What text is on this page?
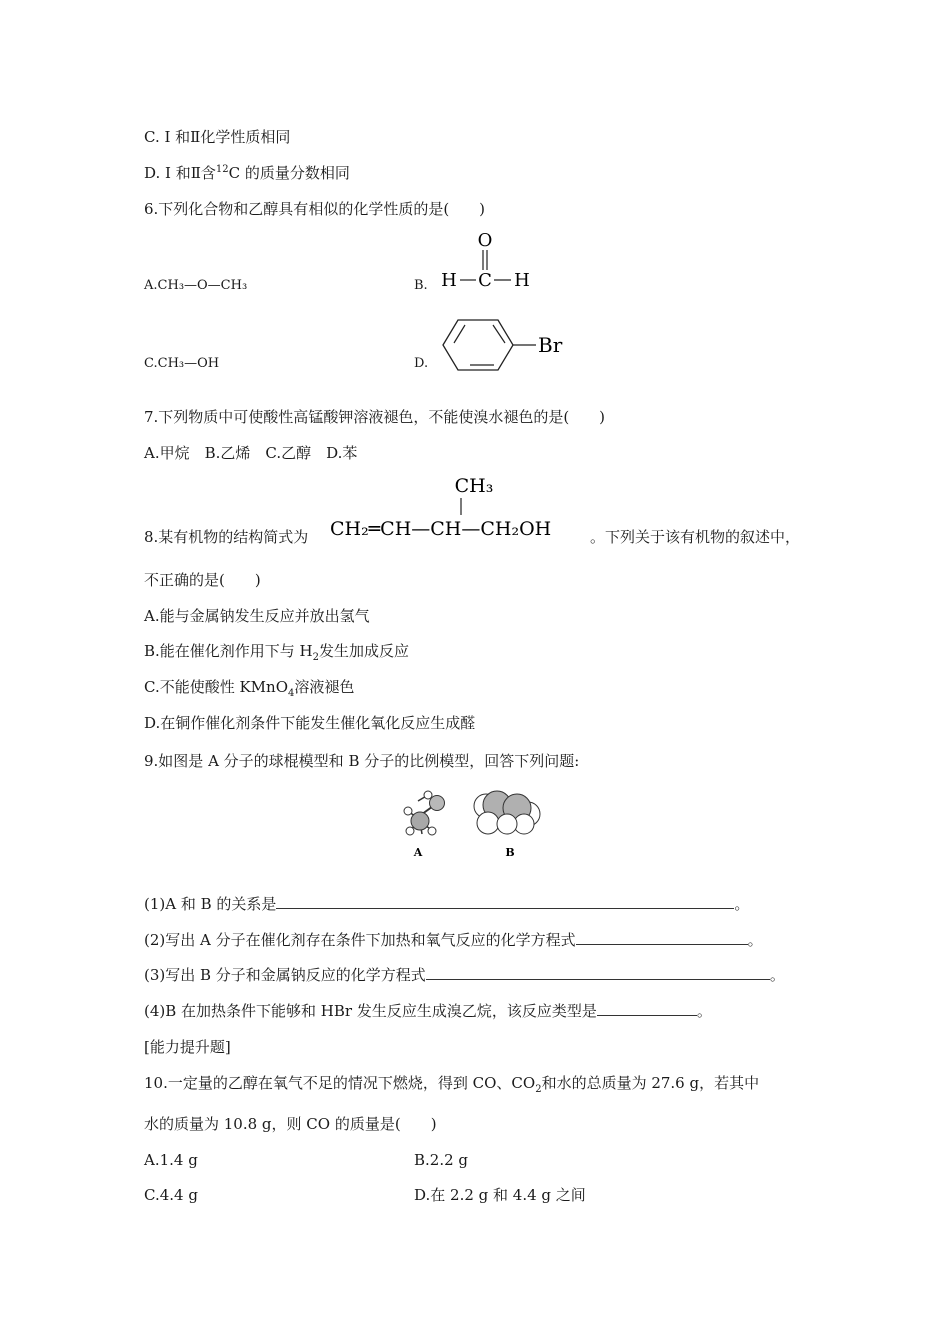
C. Ⅰ 和Ⅱ化学性质相同
D. Ⅰ 和Ⅱ含$^{12}$C 的质量分数相同
6.下列化合物和乙醇具有相似的化学性质的是(　　)
A.CH₃—O—CH₃	B.
O
H C H
C.CH₃—OH	D.
Br
7.下列物质中可使酸性高锰酸钾溶液褪色，不能使溴水褪色的是(　　)
A.甲烷　B.乙烯　C.乙醇　D.苯
8.某有机物的结构简式为
CH₃
CH₂═CH—CH—CH₂OH	。下列关于该有机物的叙述中，
不正确的是(　　)
A.能与金属钠发生反应并放出氢气
B.能在催化剂作用下与 $H_2$发生加成反应
C.不能使酸性 KMnO$_4$溶液褪色
D.在铜作催化剂条件下能发生催化氧化反应生成醛
9.如图是 A 分子的球棍模型和 B 分子的比例模型，回答下列问题:
A	B
(1)A 和 B 的关系是	。
(2)写出 A 分子在催化剂存在条件下加热和氧气反应的化学方程式	。
(3)写出 B 分子和金属钠反应的化学方程式	。
(4)B 在加热条件下能够和 HBr 发生反应生成溴乙烷，该反应类型是	。
[能力提升题]
10.一定量的乙醇在氧气不足的情况下燃烧，得到 CO、$CO_2$和水的总质量为 27.6 g，若其中
水的质量为 10.8 g，则 CO 的质量是(　　)
A.1.4 g	B.2.2 g
C.4.4 g	D.在 2.2 g 和 4.4 g 之间
